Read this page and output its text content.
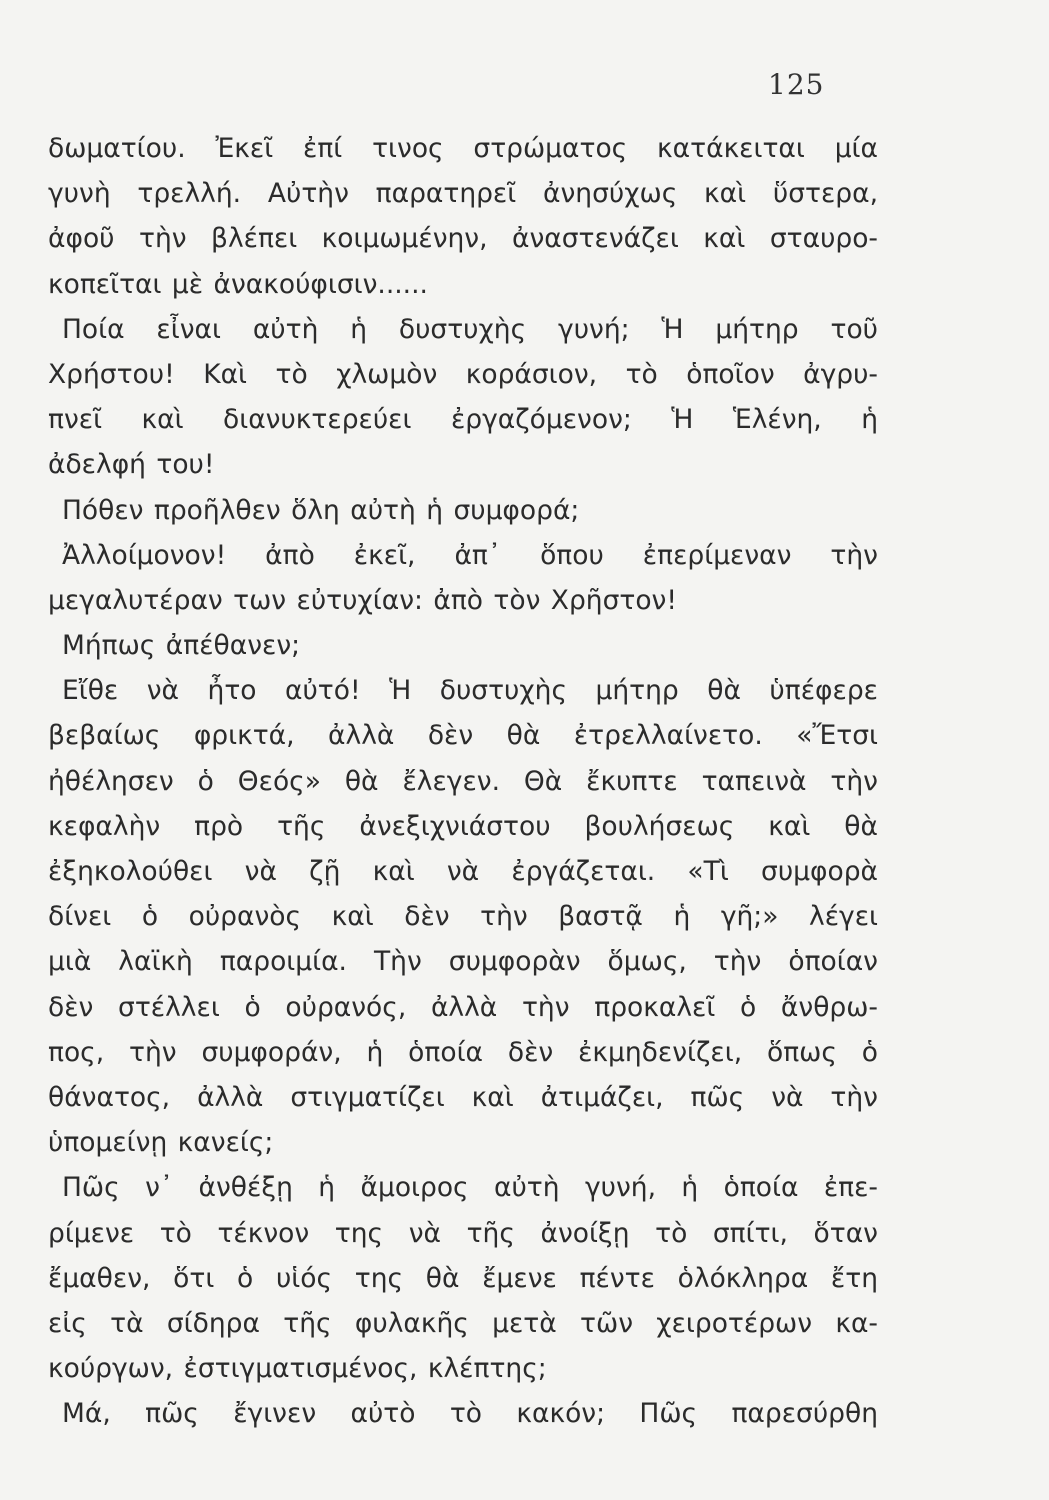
125
δωματίου. Ἐκεῖ ἐπί τινος στρώματος κατάκειται μία
γυνὴ τρελλή. Αὐτὴν παρατηρεῖ ἀνησύχως καὶ ὕστερα,
ἀφοῦ τὴν βλέπει κοιμωμένην, ἀναστενάζει καὶ σταυρο-
κοπεῖται μὲ ἀνακούφισιν......
Ποία εἶναι αὐτὴ ἡ δυστυχὴς γυνή; Ἡ μήτηρ τοῦ
Χρήστου! Καὶ τὸ χλωμὸν κοράσιον, τὸ ὁποῖον ἀγρυ-
πνεῖ καὶ διανυκτερεύει ἐργαζόμενον; Ἡ Ἑλένη, ἡ
ἀδελφή του!
Πόθεν προῆλθεν ὅλη αὐτὴ ἡ συμφορά;
Ἀλλοίμονον! ἀπὸ ἐκεῖ, ἀπ᾽ ὅπου ἐπερίμεναν τὴν
μεγαλυτέραν των εὐτυχίαν: ἀπὸ τὸν Χρῆστον!
Μήπως ἀπέθανεν;
Εἴθε νὰ ἦτο αὐτό! Ἡ δυστυχὴς μήτηρ θὰ ὑπέφερε
βεβαίως φρικτά, ἀλλὰ δὲν θὰ ἐτρελλαίνετο. «Ἔτσι
ἠθέλησεν ὁ Θεός» θὰ ἔλεγεν. Θὰ ἔκυπτε ταπεινὰ τὴν
κεφαλὴν πρὸ τῆς ἀνεξιχνιάστου βουλήσεως καὶ θὰ
ἐξηκολούθει νὰ ζῇ καὶ νὰ ἐργάζεται. «Τὶ συμφορὰ
δίνει ὁ οὐρανὸς καὶ δὲν τὴν βαστᾷ ἡ γῆ;» λέγει
μιὰ λαϊκὴ παροιμία. Τὴν συμφορὰν ὅμως, τὴν ὁποίαν
δὲν στέλλει ὁ οὐρανός, ἀλλὰ τὴν προκαλεῖ ὁ ἄνθρω-
πος, τὴν συμφοράν, ἡ ὁποία δὲν ἐκμηδενίζει, ὅπως ὁ
θάνατος, ἀλλὰ στιγματίζει καὶ ἀτιμάζει, πῶς νὰ τὴν
ὑπομείνῃ κανείς;
Πῶς ν᾽ ἀνθέξῃ ἡ ἄμοιρος αὐτὴ γυνή, ἡ ὁποία ἐπε-
ρίμενε τὸ τέκνον της νὰ τῆς ἀνοίξῃ τὸ σπίτι, ὅταν
ἔμαθεν, ὅτι ὁ υἱός της θὰ ἔμενε πέντε ὁλόκληρα ἔτη
εἰς τὰ σίδηρα τῆς φυλακῆς μετὰ τῶν χειροτέρων κα-
κούργων, ἐστιγματισμένος, κλέπτης;
Μά, πῶς ἔγινεν αὐτὸ τὸ κακόν; Πῶς παρεσύρθη
